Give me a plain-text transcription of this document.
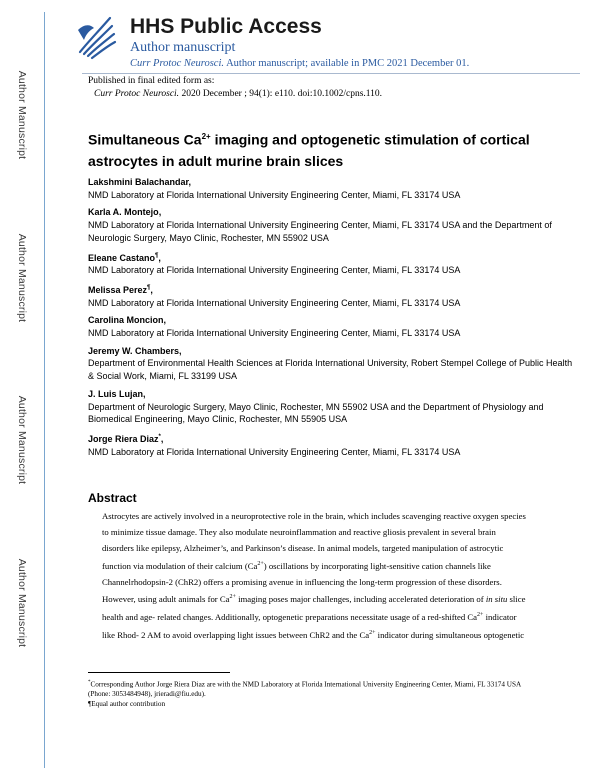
Author Manuscript
Author Manuscript
Author Manuscript
Author Manuscript
HHS Public Access
Author manuscript
Curr Protoc Neurosci. Author manuscript; available in PMC 2021 December 01.
Published in final edited form as:
Curr Protoc Neurosci. 2020 December ; 94(1): e110. doi:10.1002/cpns.110.
Simultaneous $Ca^{2+}$ imaging and optogenetic stimulation of cortical astrocytes in adult murine brain slices
Lakshmini Balachandar,
NMD Laboratory at Florida International University Engineering Center, Miami, FL 33174 USA
Karla A. Montejo,
NMD Laboratory at Florida International University Engineering Center, Miami, FL 33174 USA and the Department of Neurologic Surgery, Mayo Clinic, Rochester, MN 55902 USA
Eleane Castano¶,
NMD Laboratory at Florida International University Engineering Center, Miami, FL 33174 USA
Melissa Perez¶,
NMD Laboratory at Florida International University Engineering Center, Miami, FL 33174 USA
Carolina Moncion,
NMD Laboratory at Florida International University Engineering Center, Miami, FL 33174 USA
Jeremy W. Chambers,
Department of Environmental Health Sciences at Florida International University, Robert Stempel College of Public Health & Social Work, Miami, FL 33199 USA
J. Luis Lujan,
Department of Neurologic Surgery, Mayo Clinic, Rochester, MN 55902 USA and the Department of Physiology and Biomedical Engineering, Mayo Clinic, Rochester, MN 55905 USA
Jorge Riera Diaz*,
NMD Laboratory at Florida International University Engineering Center, Miami, FL 33174 USA
Abstract
Astrocytes are actively involved in a neuroprotective role in the brain, which includes scavenging reactive oxygen species to minimize tissue damage. They also modulate neuroinflammation and reactive gliosis prevalent in several brain disorders like epilepsy, Alzheimer’s, and Parkinson’s disease. In animal models, targeted manipulation of astrocytic function via modulation of their calcium $(Ca^{2+})$ oscillations by incorporating light-sensitive cation channels like Channelrhodopsin-2 (ChR2) offers a promising avenue in influencing the long-term progression of these disorders. However, using adult animals for $Ca^{2+}$ imaging poses major challenges, including accelerated deterioration of in situ slice health and age- related changes. Additionally, optogenetic preparations necessitate usage of a red-shifted $Ca^{2+}$ indicator like Rhod- 2 AM to avoid overlapping light issues between ChR2 and the $Ca^{2+}$ indicator during simultaneous optogenetic
*Corresponding Author Jorge Riera Diaz are with the NMD Laboratory at Florida International University Engineering Center, Miami, FL 33174 USA (Phone: 3053484948), jrieradi@fiu.edu).
¶Equal author contribution
